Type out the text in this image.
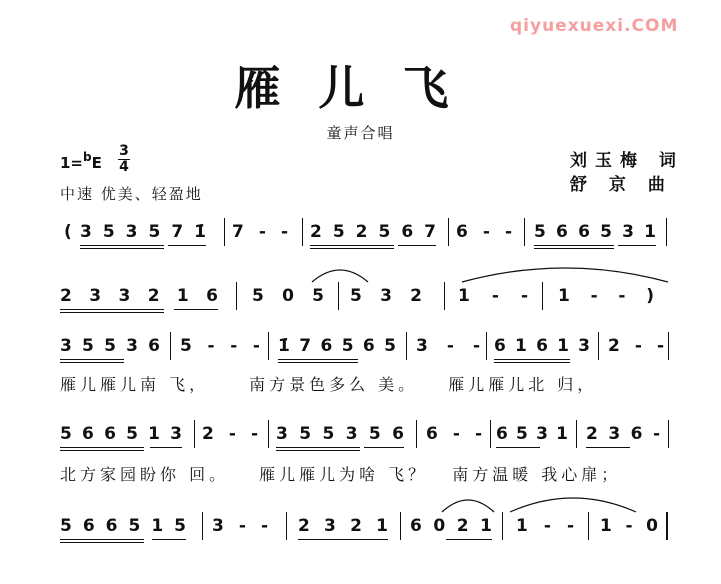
qiyuexuexi.COM
雁儿飞
童声合唱
刘玉梅 词
舒 京 曲
1=$^b$E
3
4
中速 优美、轻盈地
( 3 5 3 5 7 1̇ 7 - - 2 5 2 5 6 7 6 - - 5 6 6 5 3 1
2 3 3 2 1 6 5 0 5 5 3 2 1 - - 1 - - )
3 5 5 3 6 5 - - - 1̇ 7 6 5 6 5 3 - - 6 1 6 1 3 2 - -
雁儿雁儿南 飞，	南方景色多么 美。 雁儿雁儿北 归，
5 6 6 5 1 3 2 - - 3 5 5 3 5 6 6 - - 6 5 3 1 2 3 6 -
北方家园盼你 回。 雁儿雁儿为啥 飞？ 南方温暖 我心扉；
5 6 6 5 1 5 3 - - 2 3 2 1 6 0 2 1 1 - - 1 - 0
